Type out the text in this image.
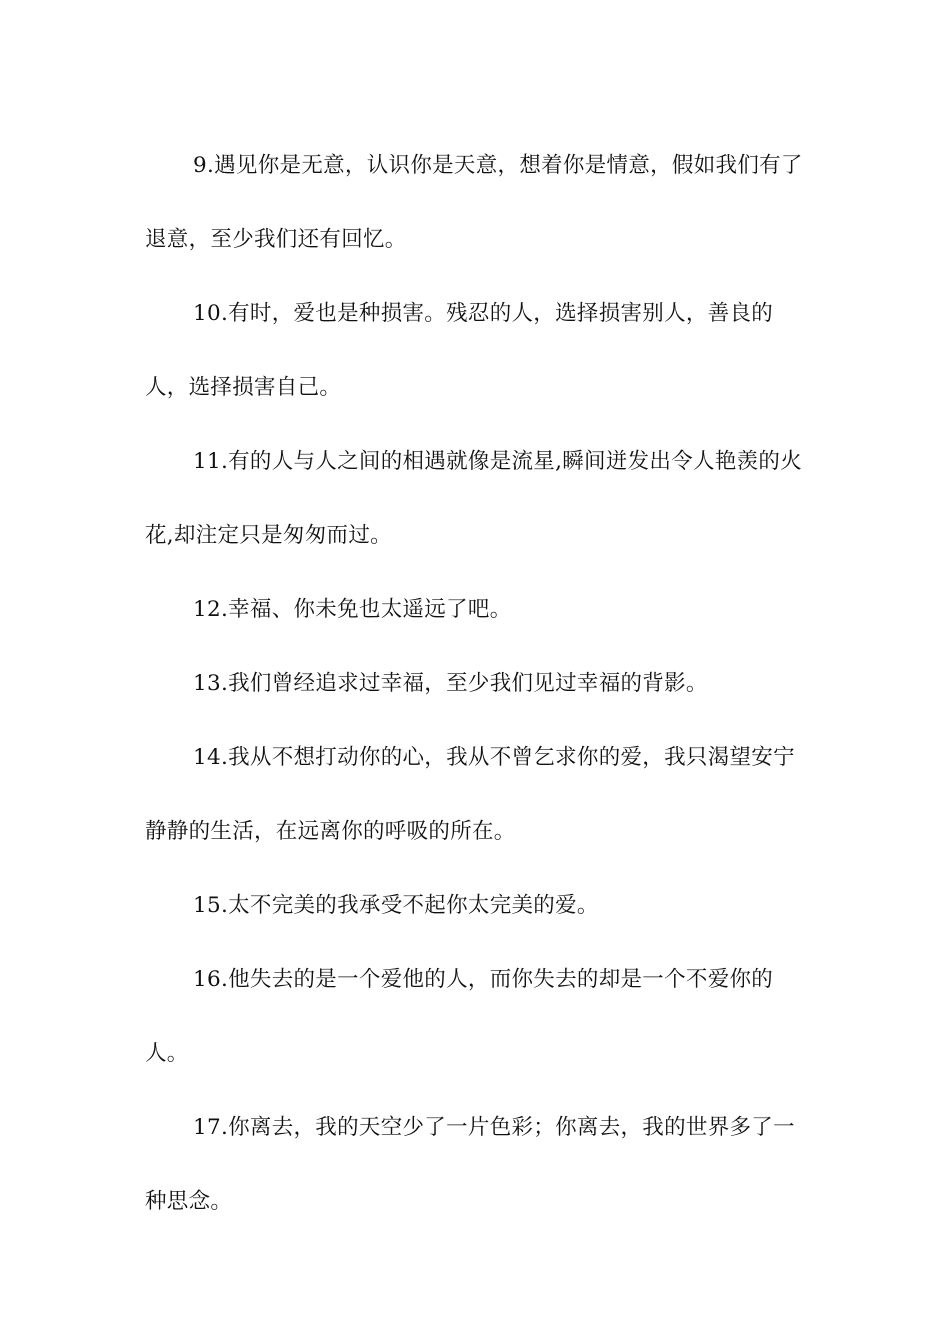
9.遇见你是无意，认识你是天意，想着你是情意，假如我们有了退意，至少我们还有回忆。

10.有时，爱也是种损害。残忍的人，选择损害别人，善良的人，选择损害自己。

11.有的人与人之间的相遇就像是流星,瞬间迸发出令人艳羡的火花,却注定只是匆匆而过。

12.幸福、你未免也太遥远了吧。

13.我们曾经追求过幸福，至少我们见过幸福的背影。

14.我从不想打动你的心，我从不曾乞求你的爱，我只渴望安宁静静的生活，在远离你的呼吸的所在。

15.太不完美的我承受不起你太完美的爱。

16.他失去的是一个爱他的人，而你失去的却是一个不爱你的人。

17.你离去，我的天空少了一片色彩；你离去，我的世界多了一种思念。
